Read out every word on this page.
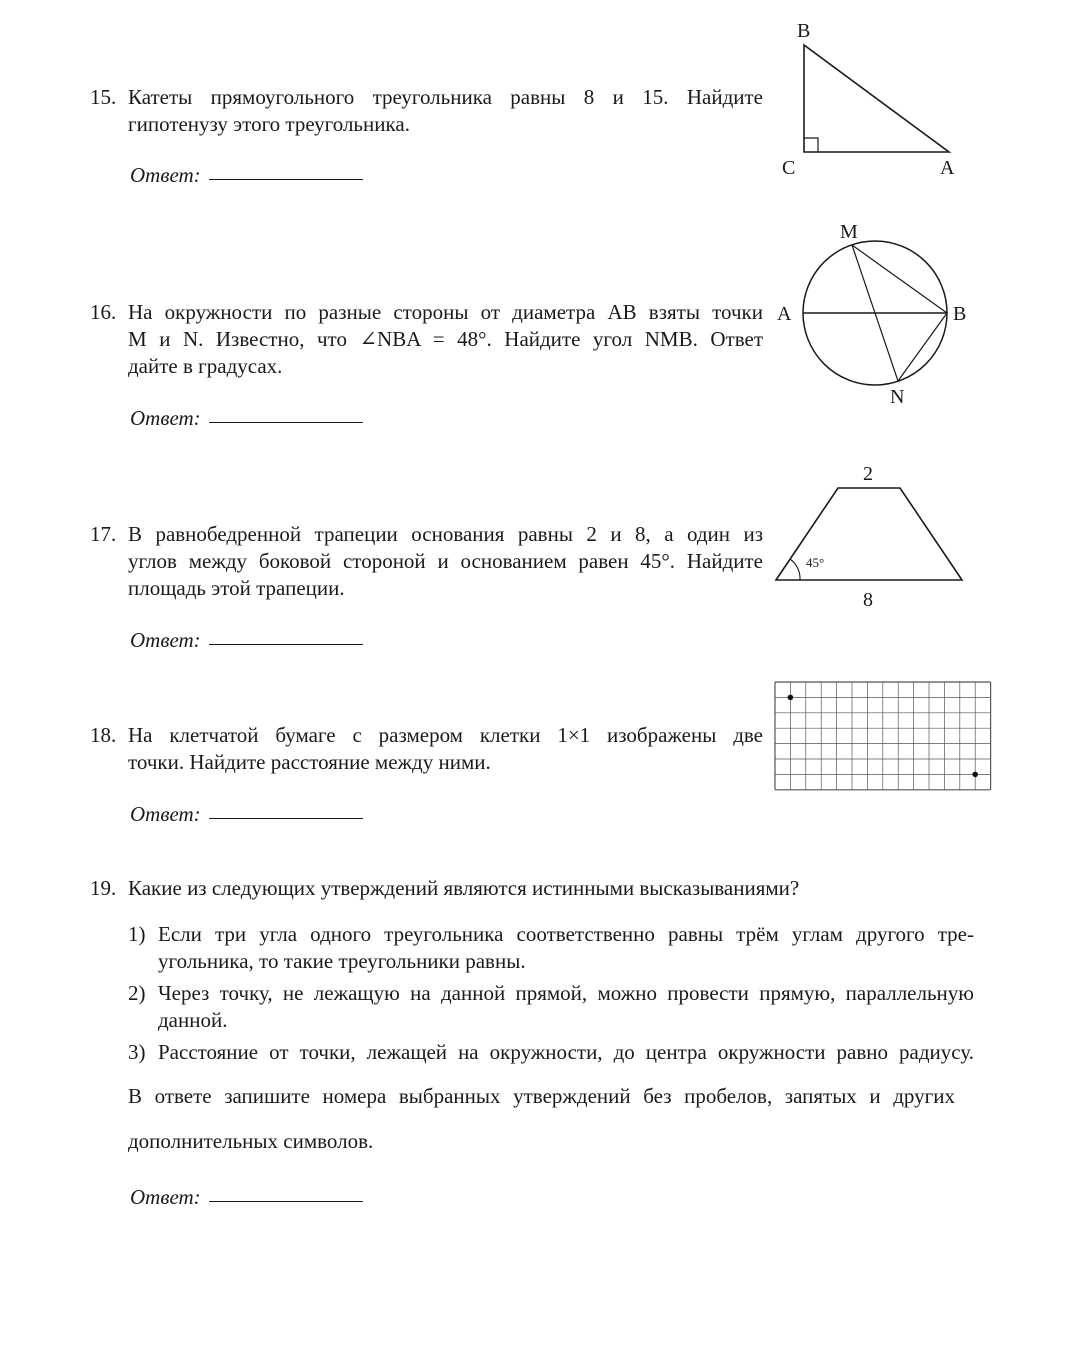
15. Катеты прямоугольного треугольника равны 8 и 15. Найдите
гипотенузу этого треугольника.
Ответ:
B
C	A
16. На окружности по разные стороны от диаметра AB взяты точки
M и N. Известно, что ∠NBA = 48°. Найдите угол NMB. Ответ
дайте в градусах.
Ответ:
M
A	B
N
17. В равнобедренной трапеции основания равны 2 и 8, а один из
углов между боковой стороной и основанием равен 45°. Найдите
площадь этой трапеции.
Ответ:
2
8
45°
18. На клетчатой бумаге с размером клетки 1×1 изображены две
точки. Найдите расстояние между ними.
Ответ:
19. Какие из следующих утверждений являются истинными высказываниями?
1) Если три угла одного треугольника соответственно равны трём углам другого тре-
угольника, то такие треугольники равны.
2) Через точку, не лежащую на данной прямой, можно провести прямую, параллельную
данной.
3) Расстояние от точки, лежащей на окружности, до центра окружности равно радиусу.
В ответе запишите номера выбранных утверждений без пробелов, запятых и других
дополнительных символов.
Ответ:
